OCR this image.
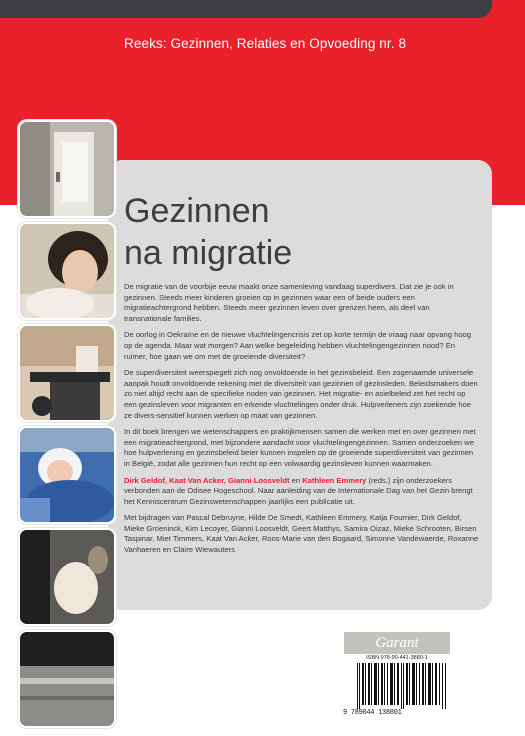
Reeks: Gezinnen, Relaties en Opvoeding nr. 8
Gezinnen
na migratie

De migratie van de voorbije eeuw maakt onze samenleving vandaag superdivers. Dat zie je ook in gezinnen. Steeds meer kinderen groeien op in gezinnen waar een of beide ouders een migratieachtergrond hebben. Steeds meer gezinnen leven over grenzen heen, als deel van transnationale families.

De oorlog in Oekraïne en de nieuwe vluchtelingencrisis zet op korte termijn de vraag naar opvang hoog op de agenda. Maar wat morgen? Aan welke begeleiding hebben vluchtelingengezinnen nood? En ruimer, hoe gaan we om met de groeiende diversiteit?

De superdiversiteit weerspiegelt zich nog onvoldoende in het gezinsbeleid. Een zogenaamde universele aanpak houdt onvoldoende rekening met de diversiteit van gezinnen of gezinsleden. Beleidsmakers doen zo niet altijd recht aan de specifieke noden van gezinnen. Het migratie- en asielbeleid zet het recht op een gezinsleven voor migranten en erkende vluchtelingen onder druk. Hulpverleners zijn zoekende hoe ze divers-sensitief kunnen werken op maat van gezinnen.

In dit boek brengen we wetenschappers en praktijkmensen samen die werken met en over gezinnen met een migratieachtergrond, met bijzondere aandacht voor vluchtelingengezinnen. Samen onderzoeken we hoe hulpverlening en gezinsbeleid beter kunnen inspelen op de groeiende superdiversiteit van gezinnen in België, zodat alle gezinnen hun recht op een volwaardig gezinsleven kunnen waarmaken.

Dirk Geldof, Kaat Van Acker, Gianni Loosveldt en Kathleen Emmery (reds.) zijn onderzoekers verbonden aan de Odisee Hogeschool. Naar aanleiding van de Internationale Dag van het Gezin brengt het Kenniscentrum Gezinswetenschappen jaarlijks een publicatie uit.

Met bijdragen van Pascal Debruyne, Hilde De Smedt, Kathleen Emmery, Katja Fournier, Dirk Geldof, Mieke Groeninck, Kim Lecoyer, Gianni Loosveldt, Geert Matthys, Samira Oizaz, Mieke Schrooten, Birsen Taspinar, Miet Timmers, Kaat Van Acker, Roos-Marie van den Bogaard, Simonne Vandewaerde, Roxanne Vanhaeren en Claire Wiewauters

Garant
ISBN 978-90-441-3880-1
9 789044 138801
